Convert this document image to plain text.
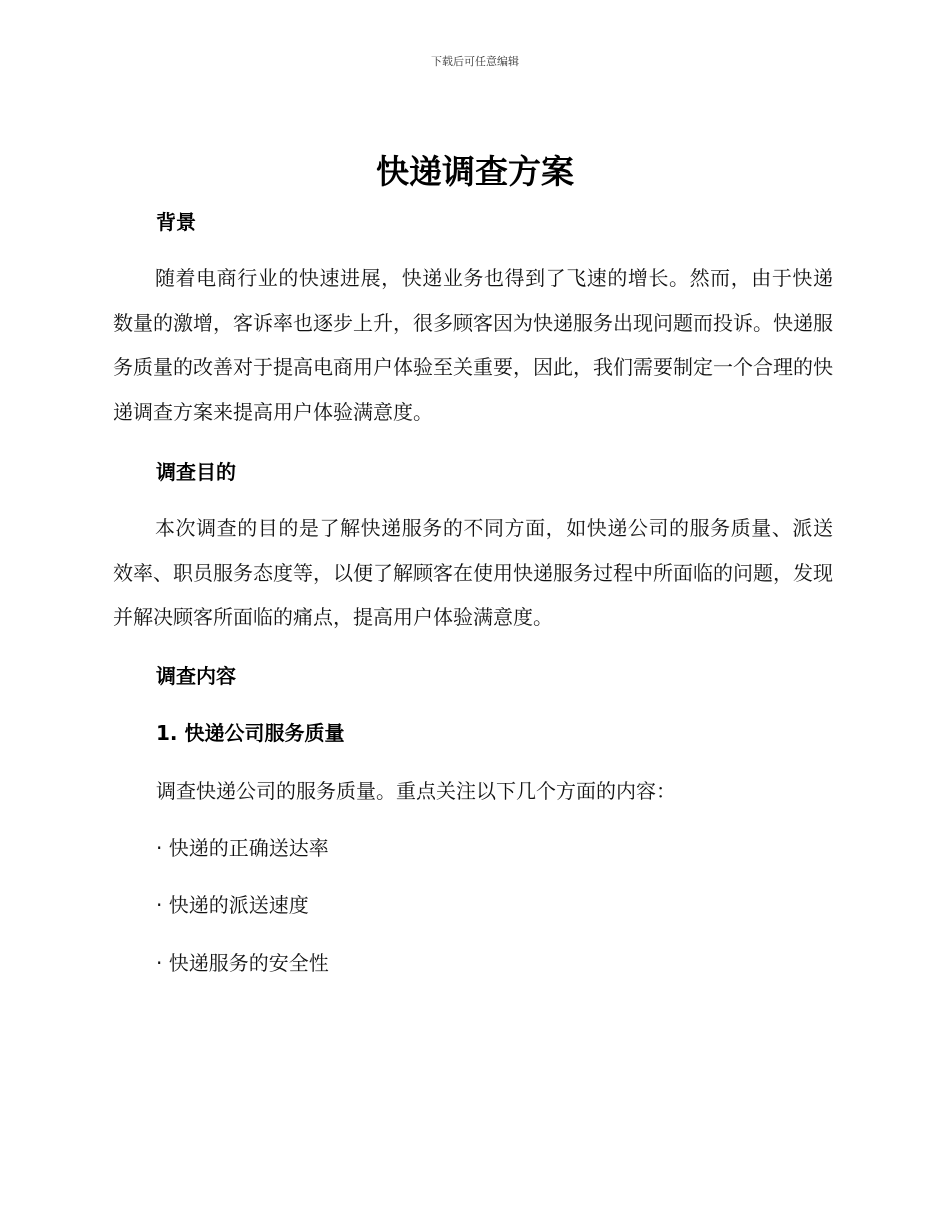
下载后可任意编辑
快递调查方案
背景

随着电商行业的快速进展，快递业务也得到了飞速的增长。然而，由于快递数量的激增，客诉率也逐步上升，很多顾客因为快递服务出现问题而投诉。快递服务质量的改善对于提高电商用户体验至关重要，因此，我们需要制定一个合理的快递调查方案来提高用户体验满意度。

调查目的

本次调查的目的是了解快递服务的不同方面，如快递公司的服务质量、派送效率、职员服务态度等，以便了解顾客在使用快递服务过程中所面临的问题，发现并解决顾客所面临的痛点，提高用户体验满意度。

调查内容
1. 快递公司服务质量
调查快递公司的服务质量。重点关注以下几个方面的内容：
· 快递的正确送达率
· 快递的派送速度
· 快递服务的安全性
